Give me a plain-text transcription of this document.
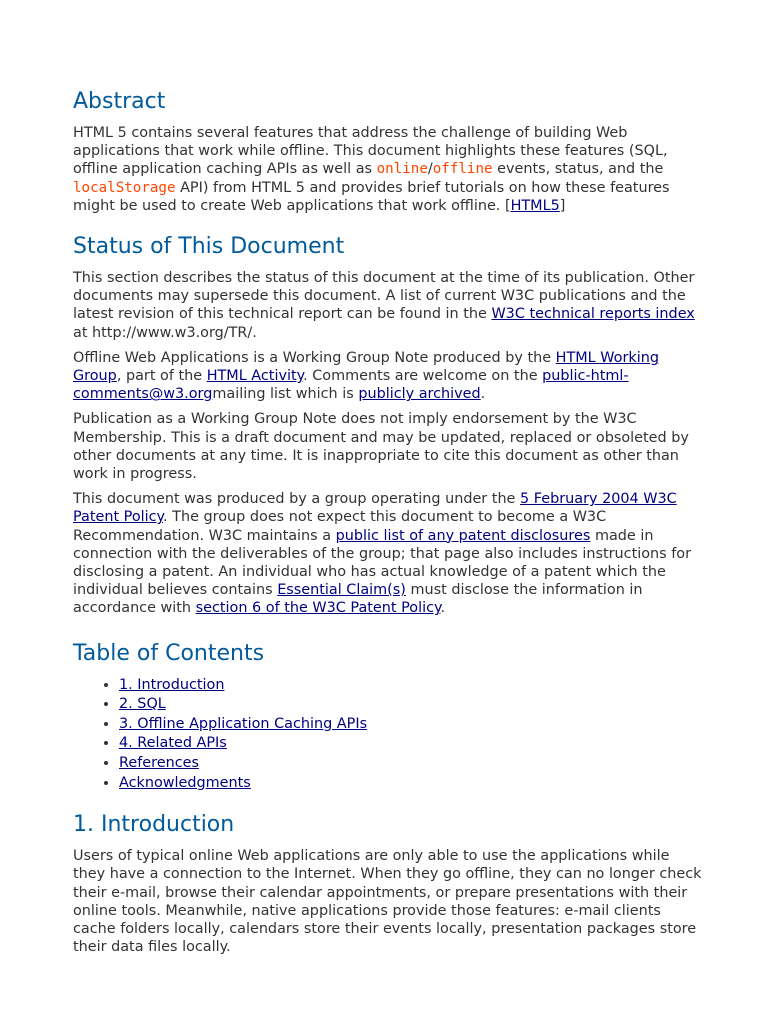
Abstract

HTML 5 contains several features that address the challenge of building Web applications that work while offline. This document highlights these features (SQL, offline application caching APIs as well as online/offline events, status, and the localStorage API) from HTML 5 and provides brief tutorials on how these features might be used to create Web applications that work offline. [HTML5]

Status of This Document

This section describes the status of this document at the time of its publication. Other documents may supersede this document. A list of current W3C publications and the latest revision of this technical report can be found in the W3C technical reports index at http://www.w3.org/TR/.

Offline Web Applications is a Working Group Note produced by the HTML Working Group, part of the HTML Activity. Comments are welcome on the public-html-comments@w3.orgmailing list which is publicly archived.

Publication as a Working Group Note does not imply endorsement by the W3C Membership. This is a draft document and may be updated, replaced or obsoleted by other documents at any time. It is inappropriate to cite this document as other than work in progress.

This document was produced by a group operating under the 5 February 2004 W3C Patent Policy. The group does not expect this document to become a W3C Recommendation. W3C maintains a public list of any patent disclosures made in connection with the deliverables of the group; that page also includes instructions for disclosing a patent. An individual who has actual knowledge of a patent which the individual believes contains Essential Claim(s) must disclose the information in accordance with section 6 of the W3C Patent Policy.

Table of Contents
• 1. Introduction
• 2. SQL
• 3. Offline Application Caching APIs
• 4. Related APIs
• References
• Acknowledgments
1. Introduction

Users of typical online Web applications are only able to use the applications while they have a connection to the Internet. When they go offline, they can no longer check their e-mail, browse their calendar appointments, or prepare presentations with their online tools. Meanwhile, native applications provide those features: e-mail clients cache folders locally, calendars store their events locally, presentation packages store their data files locally.
